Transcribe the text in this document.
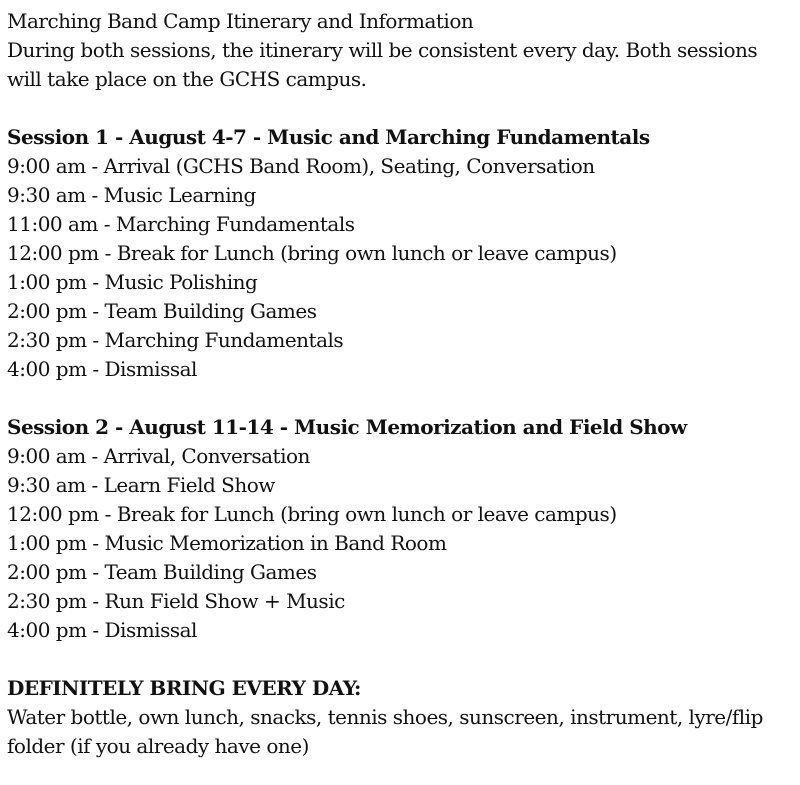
Marching Band Camp Itinerary and Information
During both sessions, the itinerary will be consistent every day. Both sessions will take place on the GCHS campus.
Session 1 - August 4-7 - Music and Marching Fundamentals
9:00 am - Arrival (GCHS Band Room), Seating, Conversation
9:30 am - Music Learning
11:00 am - Marching Fundamentals
12:00 pm - Break for Lunch (bring own lunch or leave campus)
1:00 pm - Music Polishing
2:00 pm - Team Building Games
2:30 pm - Marching Fundamentals
4:00 pm - Dismissal
Session 2 - August 11-14 - Music Memorization and Field Show
9:00 am - Arrival, Conversation
9:30 am - Learn Field Show
12:00 pm - Break for Lunch (bring own lunch or leave campus)
1:00 pm - Music Memorization in Band Room
2:00 pm - Team Building Games
2:30 pm - Run Field Show + Music
4:00 pm - Dismissal
DEFINITELY BRING EVERY DAY:
Water bottle, own lunch, snacks, tennis shoes, sunscreen, instrument, lyre/flip folder (if you already have one)
